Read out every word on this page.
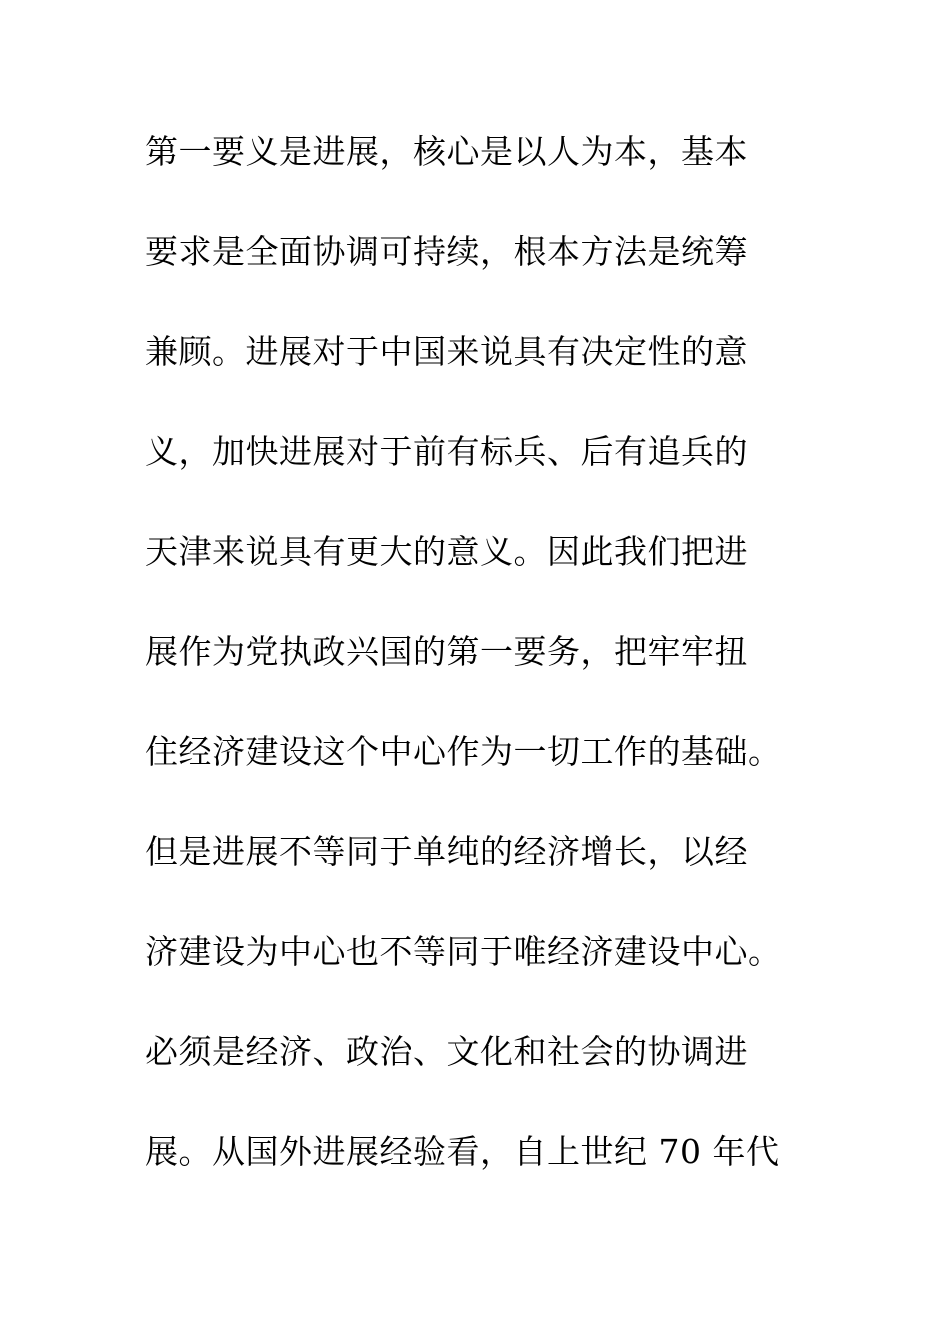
第一要义是进展，核心是以人为本，基本
要求是全面协调可持续，根本方法是统筹
兼顾。进展对于中国来说具有决定性的意
义，加快进展对于前有标兵、后有追兵的
天津来说具有更大的意义。因此我们把进
展作为党执政兴国的第一要务，把牢牢扭
住经济建设这个中心作为一切工作的基础。
但是进展不等同于单纯的经济增长，以经
济建设为中心也不等同于唯经济建设中心。
必须是经济、政治、文化和社会的协调进
展。从国外进展经验看，自上世纪 70 年代
